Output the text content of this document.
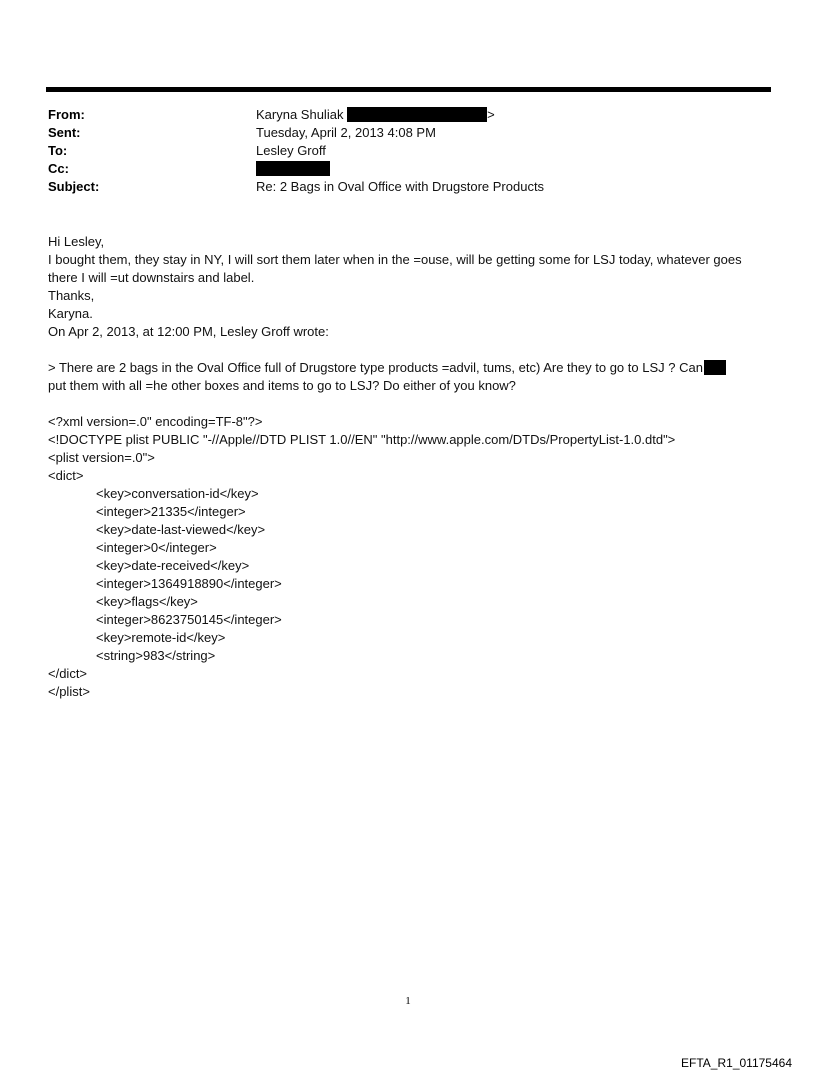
From:	Karyna Shuliak	>
Sent:	Tuesday, April 2, 2013 4:08 PM
To:	Lesley Groff
Cc:
Subject:	Re: 2 Bags in Oval Office with Drugstore Products

Hi Lesley,

I bought them, they stay in NY, I will sort them later when in the =ouse, will be getting some for LSJ today, whatever goes there I will =ut downstairs and label.

Thanks,

Karyna.

On Apr 2, 2013, at 12:00 PM, Lesley Groff wrote:

> There are 2 bags in the Oval Office full of Drugstore type products =advil, tums, etc) Are they to go to LSJ ? Can
put them with all =he other boxes and items to go to LSJ? Do either of you know?

<?xml version=.0" encoding=TF-8"?>

<!DOCTYPE plist PUBLIC "-//Apple//DTD PLIST 1.0//EN" "http://www.apple.com/DTDs/PropertyList-1.0.dtd">

<plist version=.0">

<dict>

<key>conversation-id</key>

<integer>21335</integer>

<key>date-last-viewed</key>

<integer>0</integer>

<key>date-received</key>

<integer>1364918890</integer>

<key>flags</key>

<integer>8623750145</integer>

<key>remote-id</key>

<string>983</string>

</dict>

</plist>

1
EFTA_R1_01175464
